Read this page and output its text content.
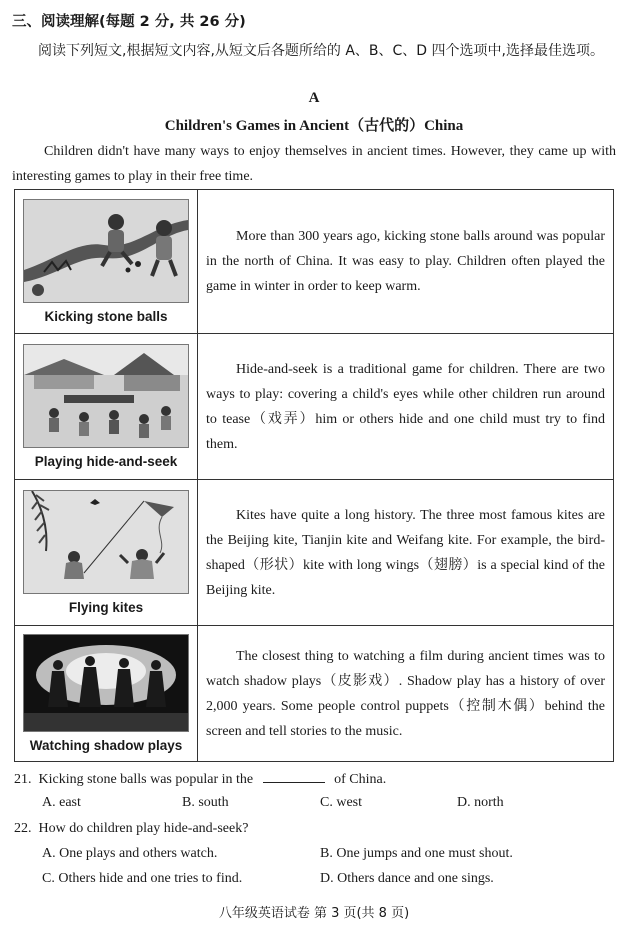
三、阅读理解(每题 2 分, 共 26 分)
阅读下列短文,根据短文内容,从短文后各题所给的 A、B、C、D 四个选项中,选择最佳选项。
A
Children's Games in Ancient（古代的）China
Children didn't have many ways to enjoy themselves in ancient times. However, they came up with interesting games to play in their free time.
Kicking stone balls	More than 300 years ago, kicking stone balls around was popular in the north of China. It was easy to play. Children often played the game in winter in order to keep warm.

Playing hide-and-seek	Hide-and-seek is a traditional game for children. There are two ways to play: covering a child's eyes while other children run around to tease（戏弄）him or others hide and one child must try to find them.

Flying kites	Kites have quite a long history. The three most famous kites are the Beijing kite, Tianjin kite and Weifang kite. For example, the bird-shaped（形状）kite with long wings（翅膀）is a special kind of the Beijing kite.

Watching shadow plays	The closest thing to watching a film during ancient times was to watch shadow plays（皮影戏）. Shadow play has a history of over 2,000 years. Some people control puppets（控制木偶）behind the screen and tell stories to the music.

21. Kicking stone balls was popular in the	of China.
A. east	B. south	C. west	D. north
22. How do children play hide-and-seek?
A. One plays and others watch.	B. One jumps and one must shout.
C. Others hide and one tries to find.	D. Others dance and one sings.
八年级英语试卷 第 3 页(共 8 页)
